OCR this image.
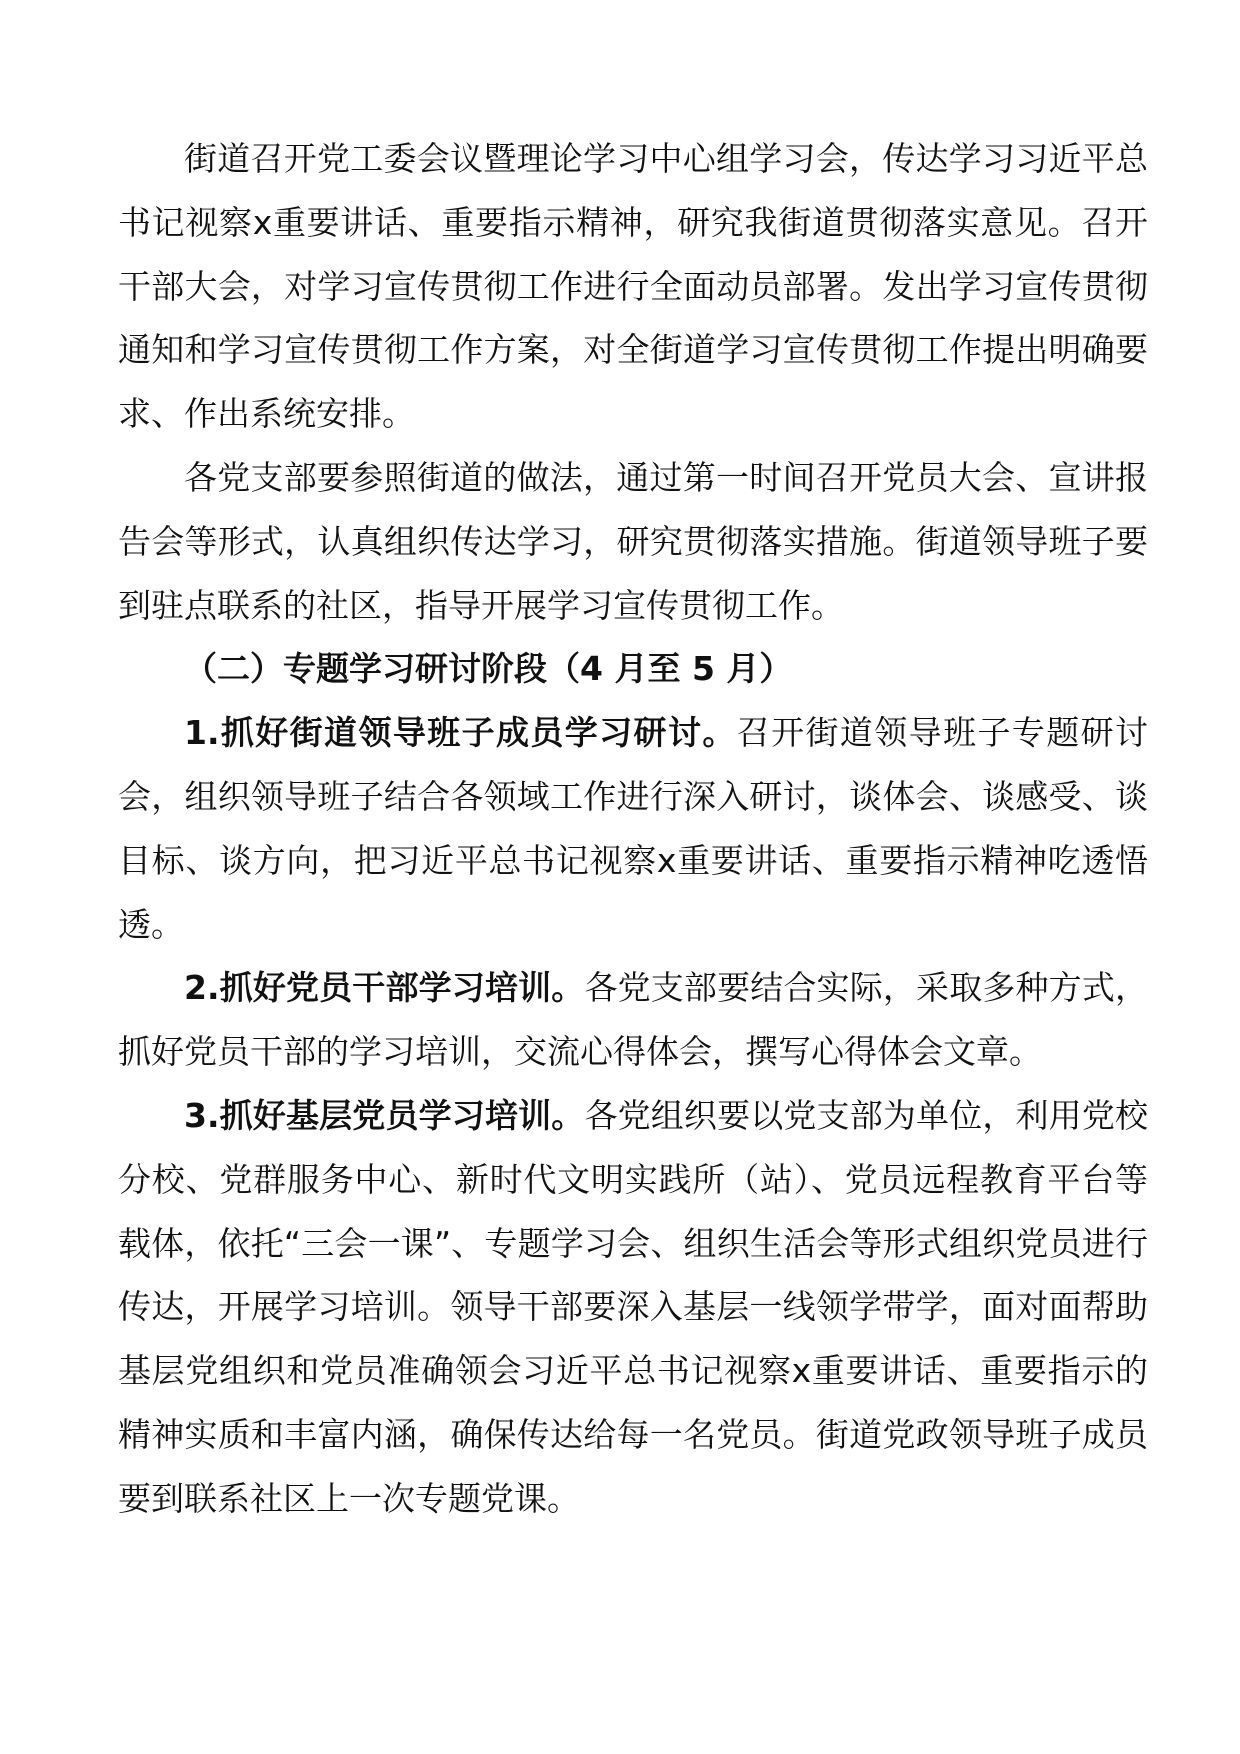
街道召开党工委会议暨理论学习中心组学习会，传达学习习近平总书记视察x重要讲话、重要指示精神，研究我街道贯彻落实意见。召开干部大会，对学习宣传贯彻工作进行全面动员部署。发出学习宣传贯彻通知和学习宣传贯彻工作方案，对全街道学习宣传贯彻工作提出明确要求、作出系统安排。

各党支部要参照街道的做法，通过第一时间召开党员大会、宣讲报告会等形式，认真组织传达学习，研究贯彻落实措施。街道领导班子要到驻点联系的社区，指导开展学习宣传贯彻工作。

（二）专题学习研讨阶段（4 月至 5 月）

1.抓好街道领导班子成员学习研讨。召开街道领导班子专题研讨会，组织领导班子结合各领域工作进行深入研讨，谈体会、谈感受、谈目标、谈方向，把习近平总书记视察x重要讲话、重要指示精神吃透悟透。

2.抓好党员干部学习培训。各党支部要结合实际，采取多种方式，抓好党员干部的学习培训，交流心得体会，撰写心得体会文章。

3.抓好基层党员学习培训。各党组织要以党支部为单位，利用党校分校、党群服务中心、新时代文明实践所（站）、党员远程教育平台等载体，依托“三会一课”、专题学习会、组织生活会等形式组织党员进行传达，开展学习培训。领导干部要深入基层一线领学带学，面对面帮助基层党组织和党员准确领会习近平总书记视察x重要讲话、重要指示的精神实质和丰富内涵，确保传达给每一名党员。街道党政领导班子成员要到联系社区上一次专题党课。
